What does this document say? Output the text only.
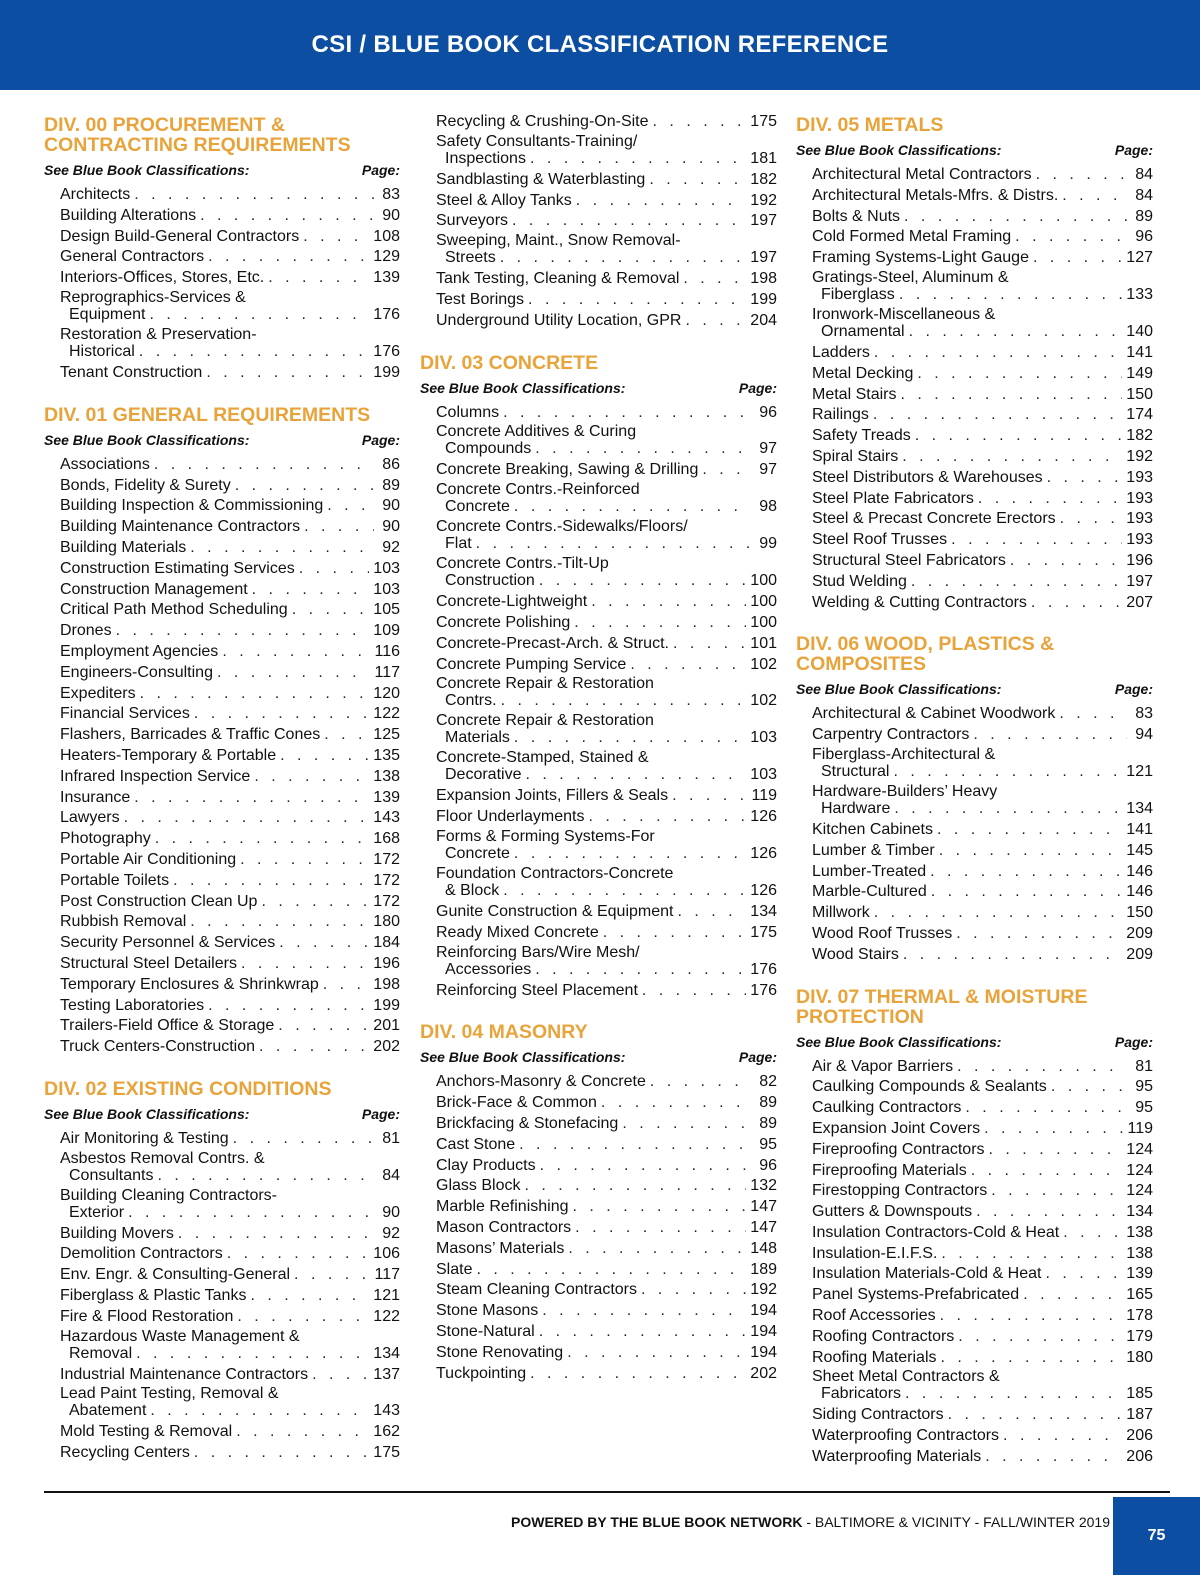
CSI / BLUE BOOK CLASSIFICATION REFERENCE
DIV. 00 PROCUREMENT &
CONTRACTING REQUIREMENTS
See Blue Book Classifications:	Page:
Architects . . .	83
Building Alterations . . .	90
Design Build-General Contractors . . .	108
General Contractors . . .	129
Interiors-Offices, Stores, Etc. . . .	139
Reprographics-Services &
Equipment . . .	176
Restoration & Preservation-
Historical . . .	176
Tenant Construction . . .	199
DIV. 01 GENERAL REQUIREMENTS
See Blue Book Classifications:	Page:
Associations . . .	86
Bonds, Fidelity & Surety . . .	89
Building Inspection & Commissioning . . .	90
Building Maintenance Contractors . . .	90
Building Materials . . .	92
Construction Estimating Services . . .	103
Construction Management . . .	103
Critical Path Method Scheduling . . .	105
Drones . . .	109
Employment Agencies . . .	116
Engineers-Consulting . . .	117
Expediters . . .	120
Financial Services . . .	122
Flashers, Barricades & Traffic Cones . . .	125
Heaters-Temporary & Portable . . .	135
Infrared Inspection Service . . .	138
Insurance . . .	139
Lawyers . . .	143
Photography . . .	168
Portable Air Conditioning . . .	172
Portable Toilets . . .	172
Post Construction Clean Up . . .	172
Rubbish Removal . . .	180
Security Personnel & Services . . .	184
Structural Steel Detailers . . .	196
Temporary Enclosures & Shrinkwrap . . .	198
Testing Laboratories . . .	199
Trailers-Field Office & Storage . . .	201
Truck Centers-Construction . . .	202
DIV. 02 EXISTING CONDITIONS
See Blue Book Classifications:	Page:
Air Monitoring & Testing . . .	81
Asbestos Removal Contrs. &
Consultants . . .	84
Building Cleaning Contractors-
Exterior . . .	90
Building Movers . . .	92
Demolition Contractors . . .	106
Env. Engr. & Consulting-General . . .	117
Fiberglass & Plastic Tanks . . .	121
Fire & Flood Restoration . . .	122
Hazardous Waste Management &
Removal . . .	134
Industrial Maintenance Contractors . . .	137
Lead Paint Testing, Removal &
Abatement . . .	143
Mold Testing & Removal . . .	162
Recycling Centers . . .	175
Recycling & Crushing-On-Site . . .	175
Safety Consultants-Training/
Inspections . . .	181
Sandblasting & Waterblasting . . .	182
Steel & Alloy Tanks . . .	192
Surveyors . . .	197
Sweeping, Maint., Snow Removal-
Streets . . .	197
Tank Testing, Cleaning & Removal . . .	198
Test Borings . . .	199
Underground Utility Location, GPR . . .	204
DIV. 03 CONCRETE
See Blue Book Classifications:	Page:
Columns . . .	96
Concrete Additives & Curing
Compounds . . .	97
Concrete Breaking, Sawing & Drilling . . .	97
Concrete Contrs.-Reinforced
Concrete . . .	98
Concrete Contrs.-Sidewalks/Floors/
Flat . . .	99
Concrete Contrs.-Tilt-Up
Construction . . .	100
Concrete-Lightweight . . .	100
Concrete Polishing . . .	100
Concrete-Precast-Arch. & Struct. . . .	101
Concrete Pumping Service . . .	102
Concrete Repair & Restoration
Contrs. . . .	102
Concrete Repair & Restoration
Materials . . .	103
Concrete-Stamped, Stained &
Decorative . . .	103
Expansion Joints, Fillers & Seals . . .	119
Floor Underlayments . . .	126
Forms & Forming Systems-For
Concrete . . .	126
Foundation Contractors-Concrete
& Block . . .	126
Gunite Construction & Equipment . . .	134
Ready Mixed Concrete . . .	175
Reinforcing Bars/Wire Mesh/
Accessories . . .	176
Reinforcing Steel Placement . . .	176
DIV. 04 MASONRY
See Blue Book Classifications:	Page:
Anchors-Masonry & Concrete . . .	82
Brick-Face & Common . . .	89
Brickfacing & Stonefacing . . .	89
Cast Stone . . .	95
Clay Products . . .	96
Glass Block . . .	132
Marble Refinishing . . .	147
Mason Contractors . . .	147
Masons’ Materials . . .	148
Slate . . .	189
Steam Cleaning Contractors . . .	192
Stone Masons . . .	194
Stone-Natural . . .	194
Stone Renovating . . .	194
Tuckpointing . . .	202
DIV. 05 METALS
See Blue Book Classifications:	Page:
Architectural Metal Contractors . . .	84
Architectural Metals-Mfrs. & Distrs. . . .	84
Bolts & Nuts . . .	89
Cold Formed Metal Framing . . .	96
Framing Systems-Light Gauge . . .	127
Gratings-Steel, Aluminum &
Fiberglass . . .	133
Ironwork-Miscellaneous &
Ornamental . . .	140
Ladders . . .	141
Metal Decking . . .	149
Metal Stairs . . .	150
Railings . . .	174
Safety Treads . . .	182
Spiral Stairs . . .	192
Steel Distributors & Warehouses . . .	193
Steel Plate Fabricators . . .	193
Steel & Precast Concrete Erectors . . .	193
Steel Roof Trusses . . .	193
Structural Steel Fabricators . . .	196
Stud Welding . . .	197
Welding & Cutting Contractors . . .	207
DIV. 06 WOOD, PLASTICS &
COMPOSITES
See Blue Book Classifications:	Page:
Architectural & Cabinet Woodwork . . .	83
Carpentry Contractors . . .	94
Fiberglass-Architectural &
Structural . . .	121
Hardware-Builders’ Heavy
Hardware . . .	134
Kitchen Cabinets . . .	141
Lumber & Timber . . .	145
Lumber-Treated . . .	146
Marble-Cultured . . .	146
Millwork . . .	150
Wood Roof Trusses . . .	209
Wood Stairs . . .	209
DIV. 07 THERMAL & MOISTURE
PROTECTION
See Blue Book Classifications:	Page:
Air & Vapor Barriers . . .	81
Caulking Compounds & Sealants . . .	95
Caulking Contractors . . .	95
Expansion Joint Covers . . .	119
Fireproofing Contractors . . .	124
Fireproofing Materials . . .	124
Firestopping Contractors . . .	124
Gutters & Downspouts . . .	134
Insulation Contractors-Cold & Heat . . .	138
Insulation-E.I.F.S. . . .	138
Insulation Materials-Cold & Heat . . .	139
Panel Systems-Prefabricated . . .	165
Roof Accessories . . .	178
Roofing Contractors . . .	179
Roofing Materials . . .	180
Sheet Metal Contractors &
Fabricators . . .	185
Siding Contractors . . .	187
Waterproofing Contractors . . .	206
Waterproofing Materials . . .	206
POWERED BY THE BLUE BOOK NETWORK - BALTIMORE & VICINITY - FALL/WINTER 2019
75
